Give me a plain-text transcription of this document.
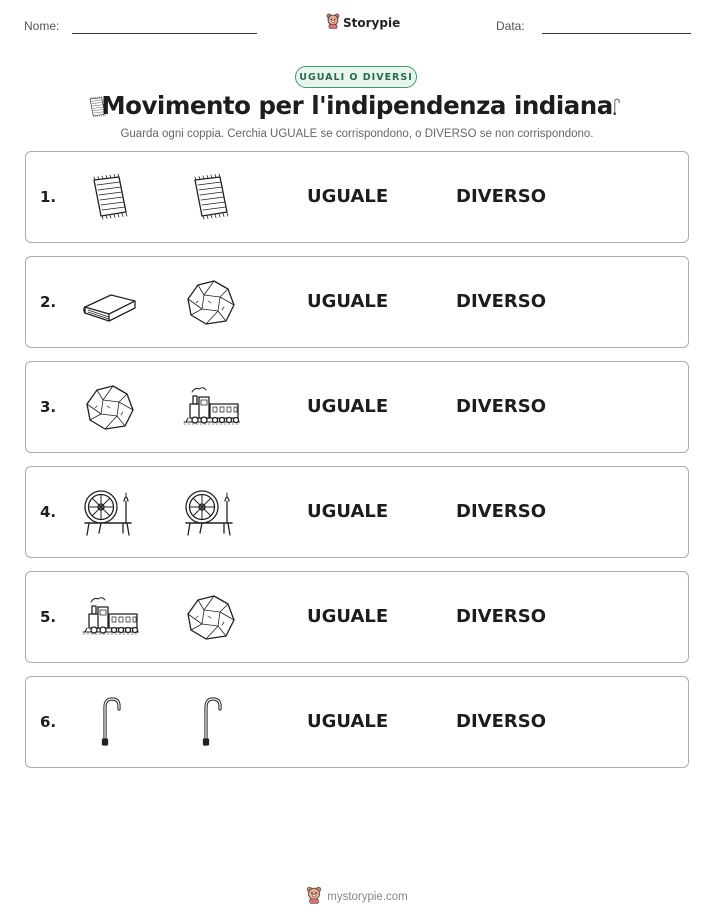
Nome:	Storypie	Data:
UGUALI O DIVERSI
Movimento per l'indipendenza indiana
Guarda ogni coppia. Cerchia UGUALE se corrispondono, o DIVERSO se non corrispondono.
1.	UGUALE	DIVERSO
2.	UGUALE	DIVERSO
3.	UGUALE	DIVERSO
4.	UGUALE	DIVERSO
5.	UGUALE	DIVERSO
6.	UGUALE	DIVERSO
mystorypie.com
